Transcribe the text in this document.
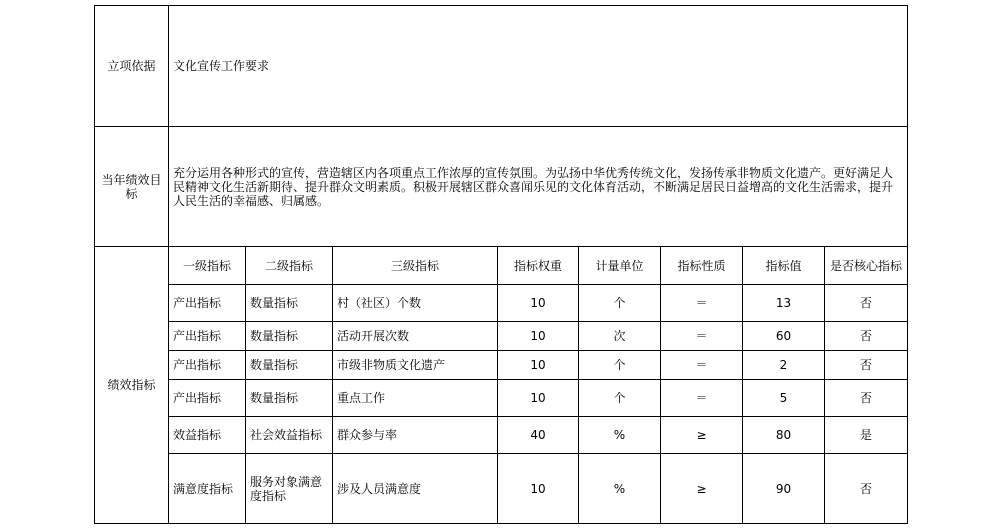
立项依据	文化宣传工作要求							
当年绩效目标	充分运用各种形式的宣传，营造辖区内各项重点工作浓厚的宣传氛围。为弘扬中华优秀传统文化，发扬传承非物质文化遗产。更好满足人民精神文化生活新期待、提升群众文明素质。积极开展辖区群众喜闻乐见的文化体育活动，不断满足居民日益增高的文化生活需求，提升人民生活的幸福感、归属感。							
绩效指标	一级指标	二级指标	三级指标	指标权重	计量单位	指标性质	指标值	是否核心指标
	产出指标	数量指标	村（社区）个数	10	个	＝	13	否
	产出指标	数量指标	活动开展次数	10	次	＝	60	否
	产出指标	数量指标	市级非物质文化遗产	10	个	＝	2	否
	产出指标	数量指标	重点工作	10	个	＝	5	否
	效益指标	社会效益指标	群众参与率	40	%	≥	80	是
	满意度指标	服务对象满意度指标	涉及人员满意度	10	%	≥	90	否
